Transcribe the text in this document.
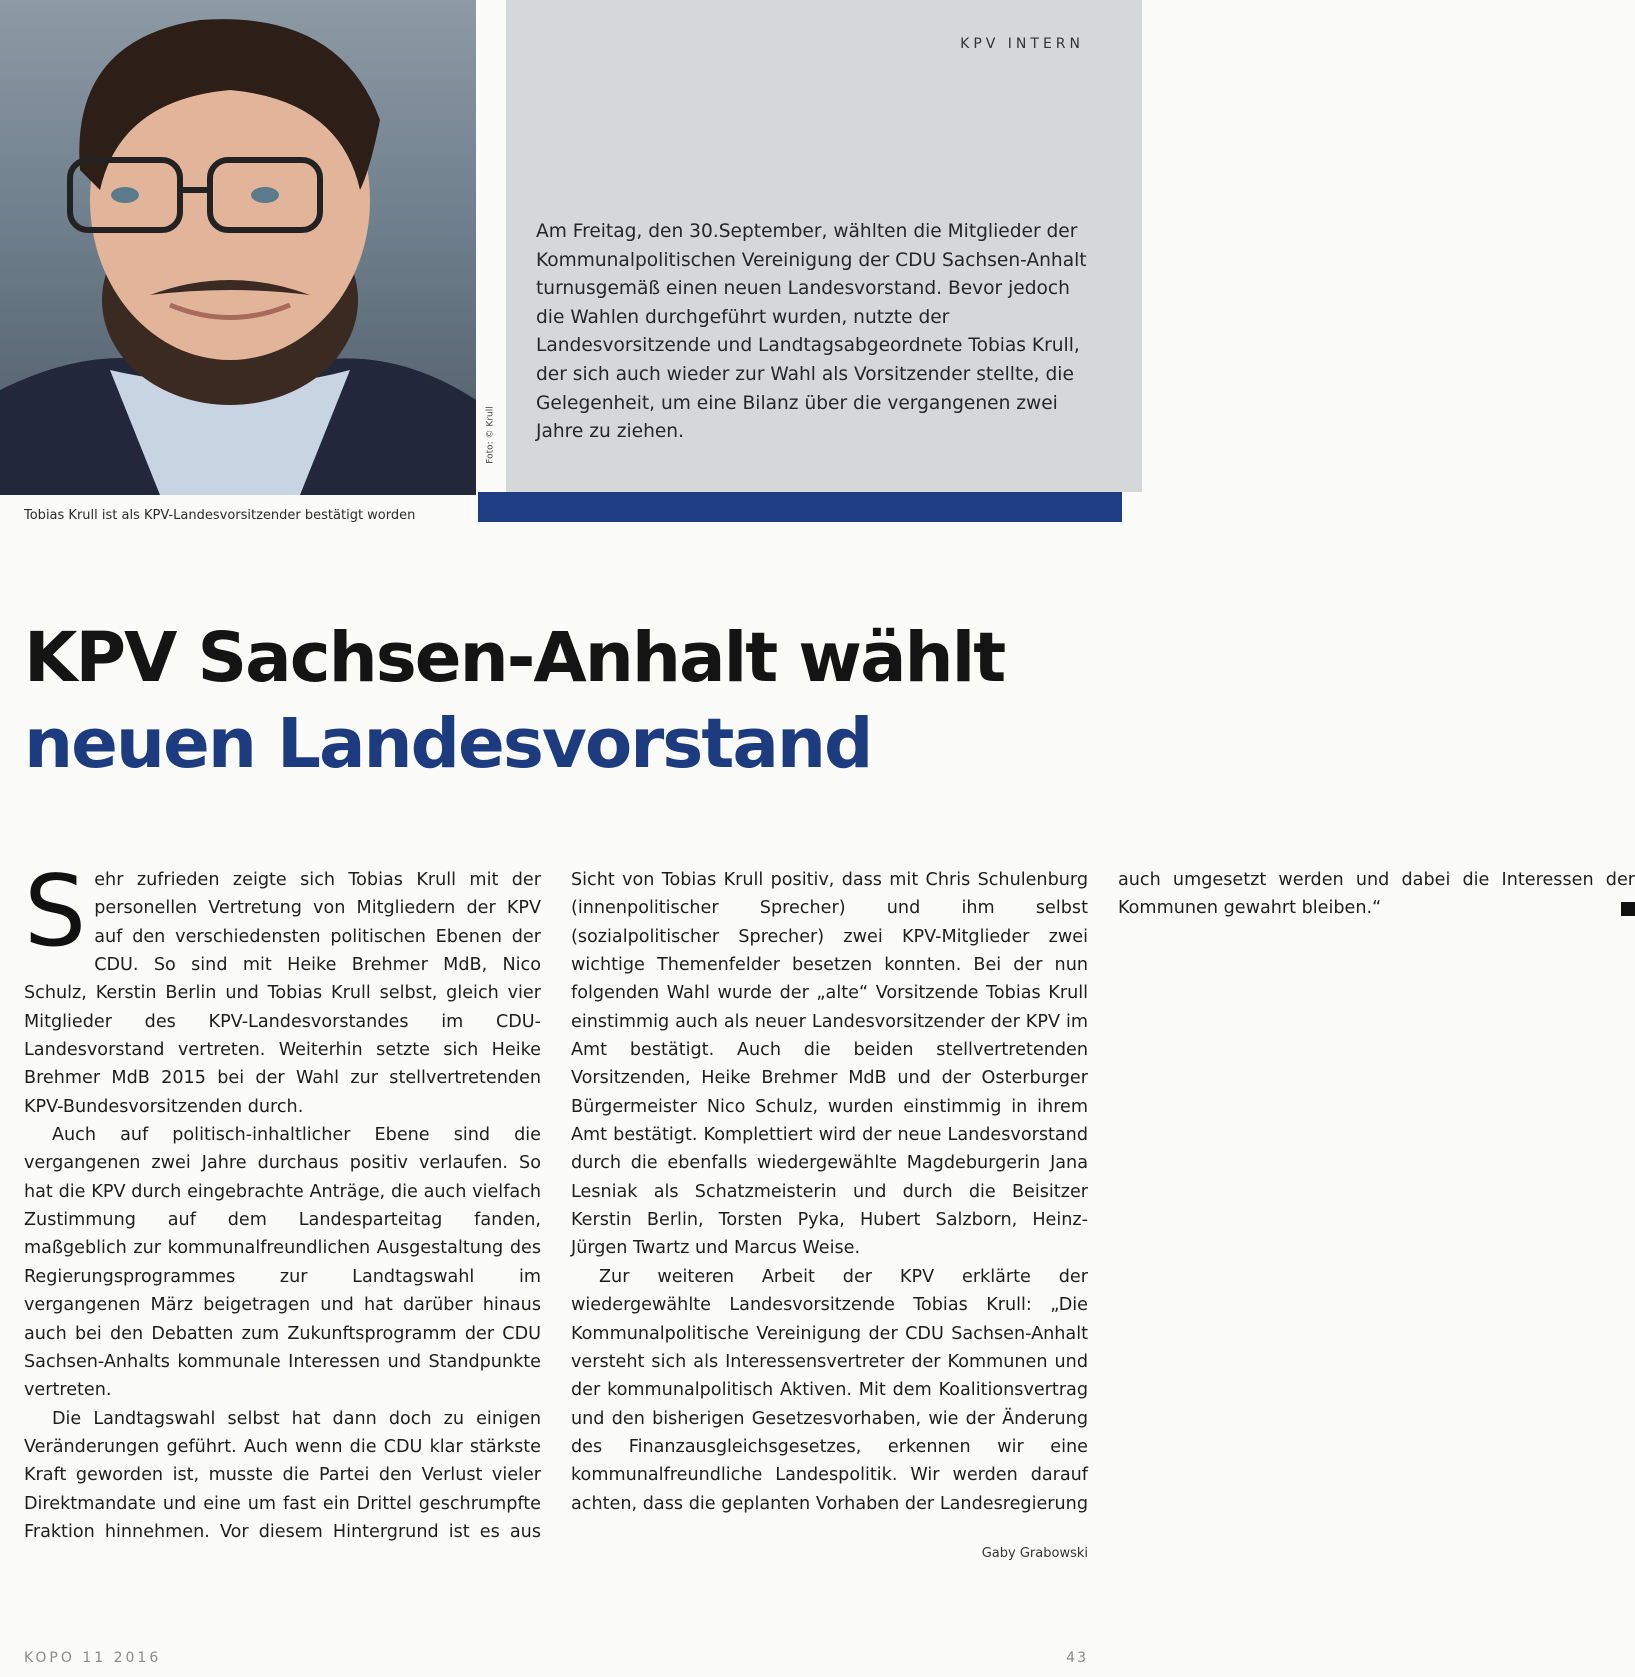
Foto: © Krull
Tobias Krull ist als KPV-Landesvorsitzender bestätigt worden
KPV INTERN

Am Freitag, den 30.September, wählten die Mitglieder der Kommunalpolitischen Vereinigung der CDU Sachsen-Anhalt turnusgemäß einen neuen Landesvorstand. Bevor jedoch die Wahlen durchgeführt wurden, nutzte der Landesvorsitzende und Landtagsabgeordnete Tobias Krull, der sich auch wieder zur Wahl als Vorsitzender stellte, die Gelegenheit, um eine Bilanz über die vergangenen zwei Jahre zu ziehen.

KPV Sachsen-Anhalt wählt
neuen Landesvorstand

Sehr zufrieden zeigte sich Tobias Krull mit der personellen Vertretung von Mitgliedern der KPV auf den verschiedensten politischen Ebenen der CDU. So sind mit Heike Brehmer MdB, Nico Schulz, Kerstin Berlin und Tobias Krull selbst, gleich vier Mitglieder des KPV-Landesvorstandes im CDU-Landesvorstand vertreten. Weiterhin setzte sich Heike Brehmer MdB 2015 bei der Wahl zur stellvertretenden KPV-Bundesvorsitzenden durch.

Auch auf politisch-inhaltlicher Ebene sind die vergangenen zwei Jahre durchaus positiv verlaufen. So hat die KPV durch eingebrachte Anträge, die auch vielfach Zustimmung auf dem Landesparteitag fanden, maßgeblich zur kommunalfreundlichen Ausgestaltung des Regierungsprogrammes zur Landtagswahl im vergangenen März beigetragen und hat darüber hinaus auch bei den Debatten zum Zukunftsprogramm der CDU Sachsen-Anhalts kommunale Interessen und Standpunkte vertreten.

Die Landtagswahl selbst hat dann doch zu einigen Veränderungen geführt. Auch wenn die CDU klar stärkste Kraft geworden ist, musste die Partei den Verlust vieler Direktmandate und eine um fast ein Drittel geschrumpfte Fraktion hinnehmen. Vor diesem Hintergrund ist es aus Sicht von Tobias Krull positiv, dass mit Chris Schulenburg (innenpolitischer Sprecher) und ihm selbst (sozialpolitischer Sprecher) zwei KPV-Mitglieder zwei wichtige Themenfelder besetzen konnten. Bei der nun folgenden Wahl wurde der „alte“ Vorsitzende Tobias Krull einstimmig auch als neuer Landesvorsitzender der KPV im Amt bestätigt. Auch die beiden stellvertretenden Vorsitzenden, Heike Brehmer MdB und der Osterburger Bürgermeister Nico Schulz, wurden einstimmig in ihrem Amt bestätigt. Komplettiert wird der neue Landesvorstand durch die ebenfalls wiedergewählte Magdeburgerin Jana Lesniak als Schatzmeisterin und durch die Beisitzer Kerstin Berlin, Torsten Pyka, Hubert Salzborn, Heinz-Jürgen Twartz und Marcus Weise.

Zur weiteren Arbeit der KPV erklärte der wiedergewählte Landesvorsitzende Tobias Krull: „Die Kommunalpolitische Vereinigung der CDU Sachsen-Anhalt versteht sich als Interessensvertreter der Kommunen und der kommunalpolitisch Aktiven. Mit dem Koalitionsvertrag und den bisherigen Gesetzesvorhaben, wie der Änderung des Finanzausgleichsgesetzes, erkennen wir eine kommunalfreundliche Landespolitik. Wir werden darauf achten, dass die geplanten Vorhaben der Landesregierung auch umgesetzt werden und dabei die Interessen der Kommunen gewahrt bleiben.“

Gaby Grabowski
KOPO 11 2016	43
